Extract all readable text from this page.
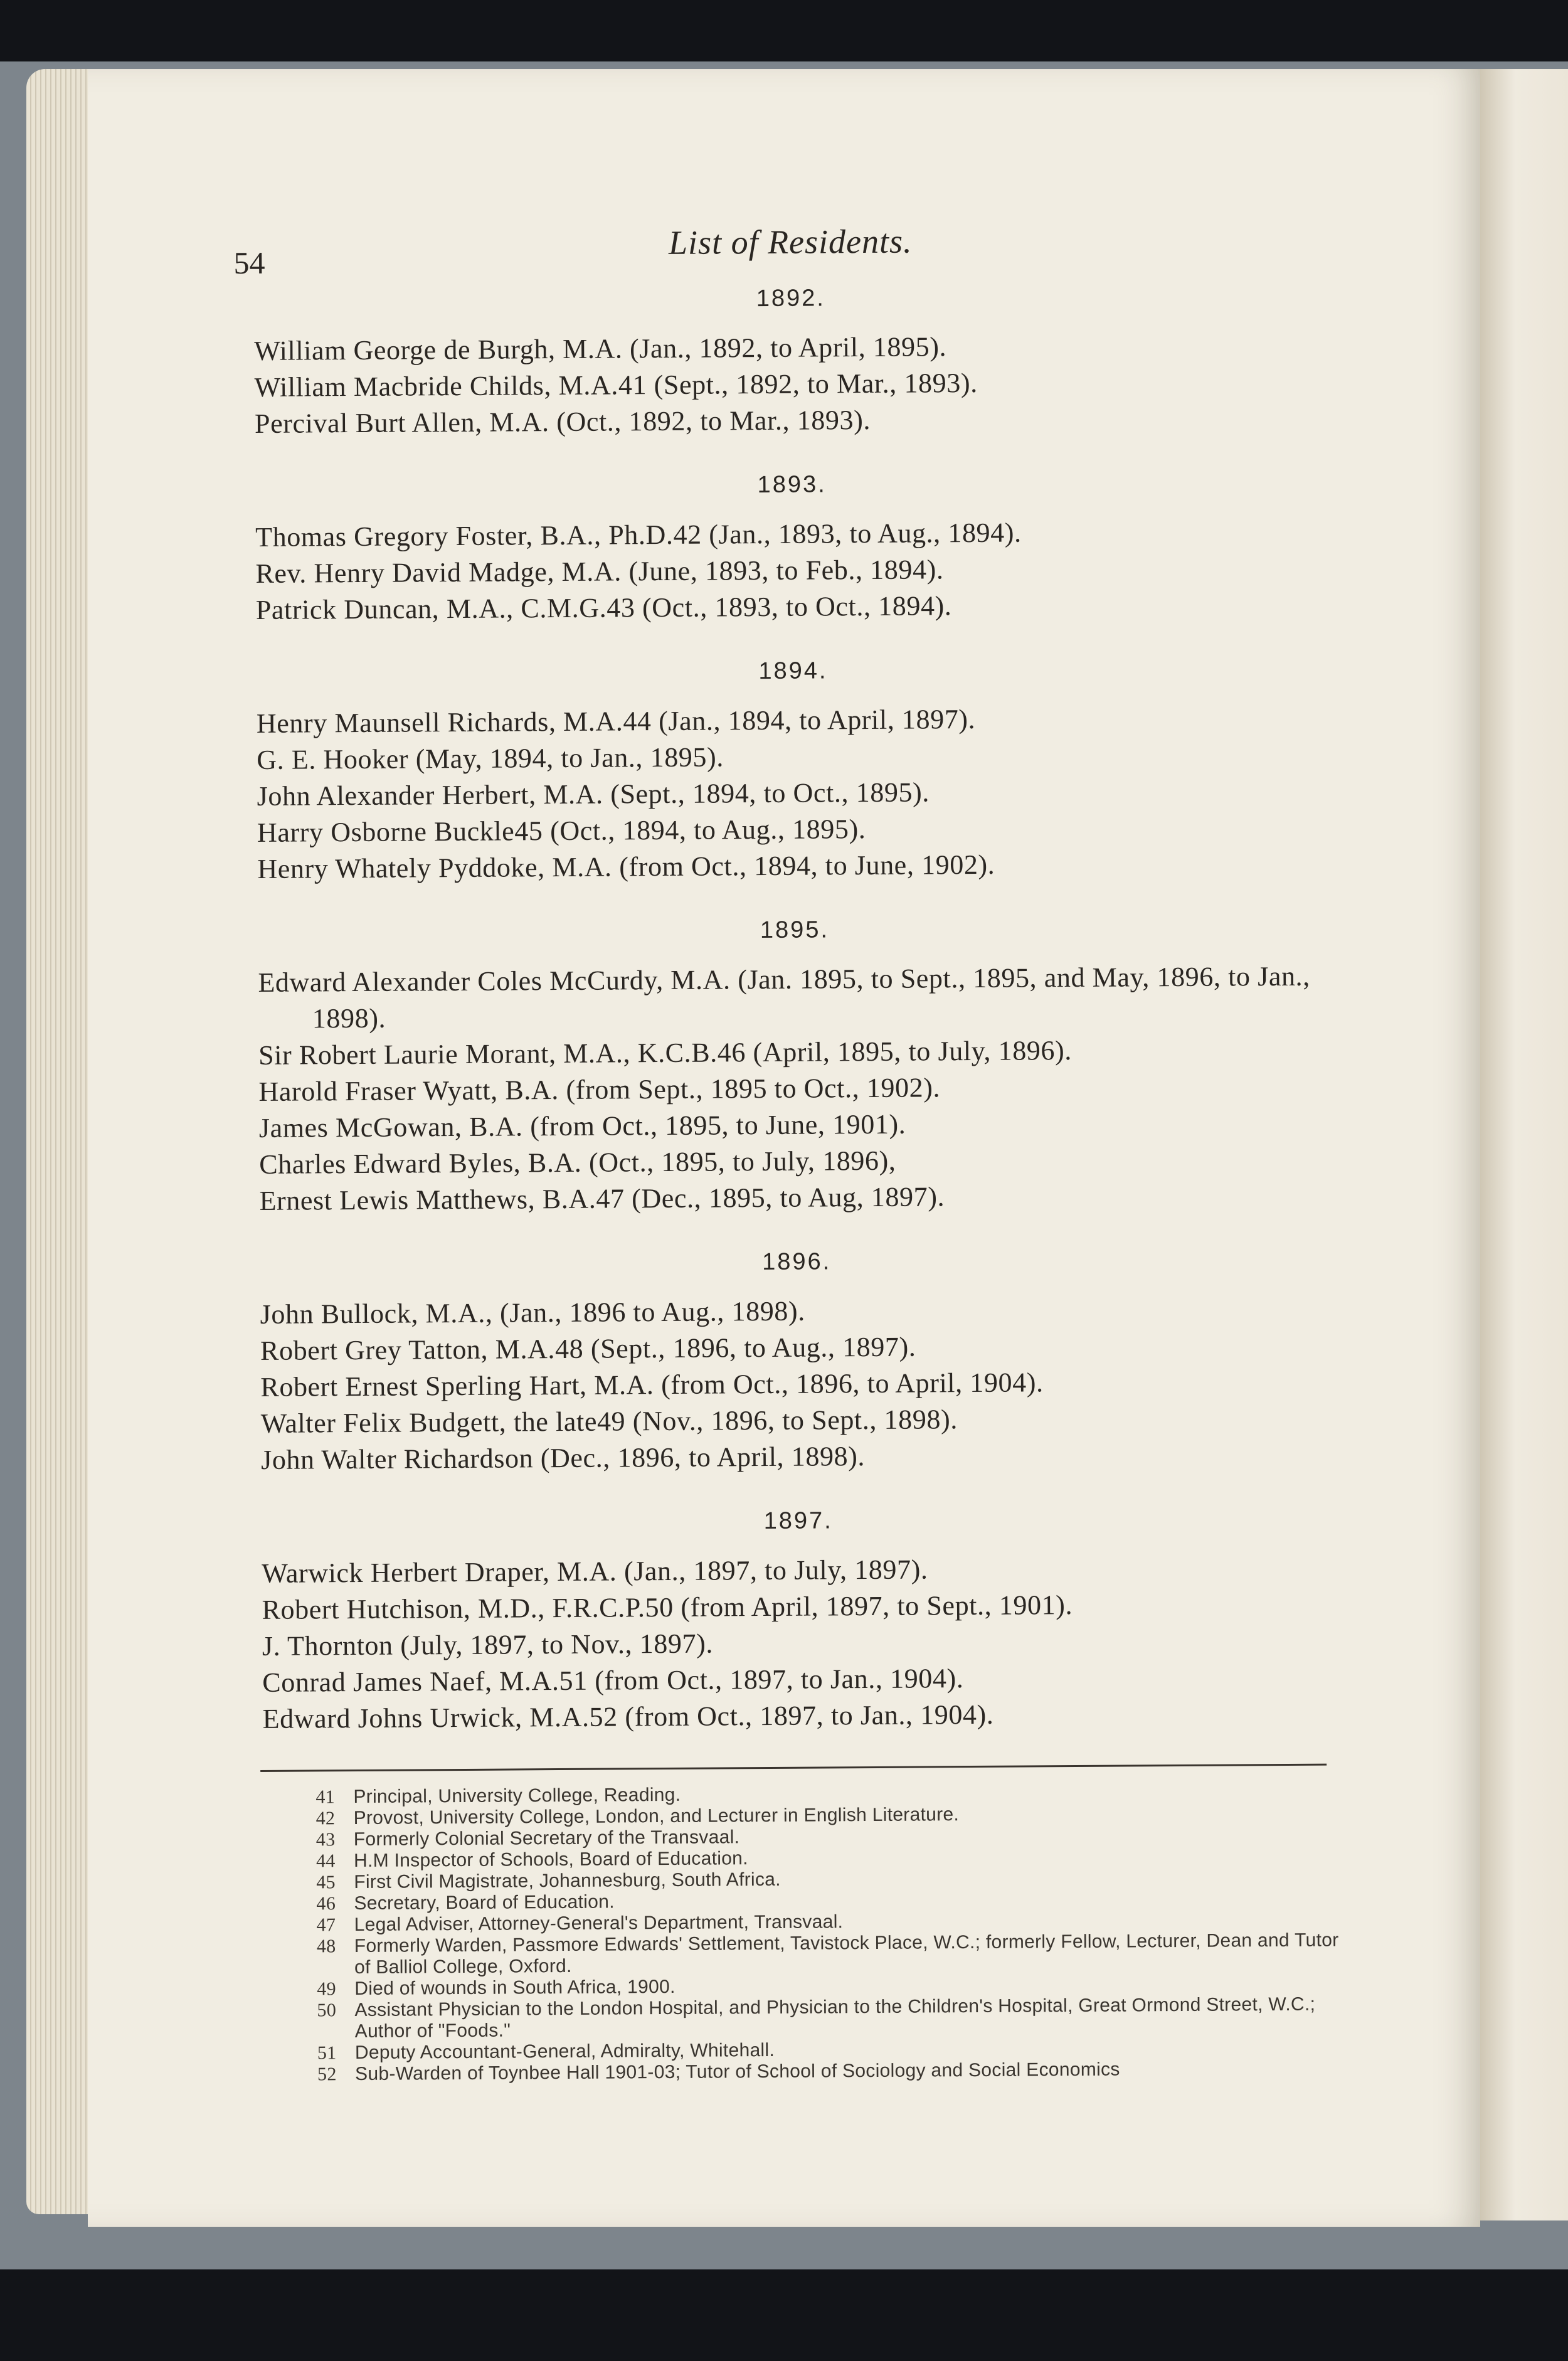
54
List of Residents.
1892.
William George de Burgh, M.A. (Jan., 1892, to April, 1895).
William Macbride Childs, M.A.41 (Sept., 1892, to Mar., 1893).
Percival Burt Allen, M.A. (Oct., 1892, to Mar., 1893).
1893.
Thomas Gregory Foster, B.A., Ph.D.42 (Jan., 1893, to Aug., 1894).
Rev. Henry David Madge, M.A. (June, 1893, to Feb., 1894).
Patrick Duncan, M.A., C.M.G.43 (Oct., 1893, to Oct., 1894).
1894.
Henry Maunsell Richards, M.A.44 (Jan., 1894, to April, 1897).
G. E. Hooker (May, 1894, to Jan., 1895).
John Alexander Herbert, M.A. (Sept., 1894, to Oct., 1895).
Harry Osborne Buckle45 (Oct., 1894, to Aug., 1895).
Henry Whately Pyddoke, M.A. (from Oct., 1894, to June, 1902).
1895.
Edward Alexander Coles McCurdy, M.A. (Jan. 1895, to Sept., 1895, and May, 1896, to Jan., 1898).
Sir Robert Laurie Morant, M.A., K.C.B.46 (April, 1895, to July, 1896).
Harold Fraser Wyatt, B.A. (from Sept., 1895 to Oct., 1902).
James McGowan, B.A. (from Oct., 1895, to June, 1901).
Charles Edward Byles, B.A. (Oct., 1895, to July, 1896),
Ernest Lewis Matthews, B.A.47 (Dec., 1895, to Aug, 1897).
1896.
John Bullock, M.A., (Jan., 1896 to Aug., 1898).
Robert Grey Tatton, M.A.48 (Sept., 1896, to Aug., 1897).
Robert Ernest Sperling Hart, M.A. (from Oct., 1896, to April, 1904).
Walter Felix Budgett, the late49 (Nov., 1896, to Sept., 1898).
John Walter Richardson (Dec., 1896, to April, 1898).
1897.
Warwick Herbert Draper, M.A. (Jan., 1897, to July, 1897).
Robert Hutchison, M.D., F.R.C.P.50 (from April, 1897, to Sept., 1901).
J. Thornton (July, 1897, to Nov., 1897).
Conrad James Naef, M.A.51 (from Oct., 1897, to Jan., 1904).
Edward Johns Urwick, M.A.52 (from Oct., 1897, to Jan., 1904).
41 Principal, University College, Reading.
42 Provost, University College, London, and Lecturer in English Literature.
43 Formerly Colonial Secretary of the Transvaal.
44 H.M Inspector of Schools, Board of Education.
45 First Civil Magistrate, Johannesburg, South Africa.
46 Secretary, Board of Education.
47 Legal Adviser, Attorney-General's Department, Transvaal.
48 Formerly Warden, Passmore Edwards' Settlement, Tavistock Place, W.C.; formerly Fellow, Lecturer, Dean and Tutor of Balliol College, Oxford.
49 Died of wounds in South Africa, 1900.
50 Assistant Physician to the London Hospital, and Physician to the Children's Hospital, Great Ormond Street, W.C.; Author of "Foods."
51 Deputy Accountant-General, Admiralty, Whitehall.
52 Sub-Warden of Toynbee Hall 1901-03; Tutor of School of Sociology and Social Economics
